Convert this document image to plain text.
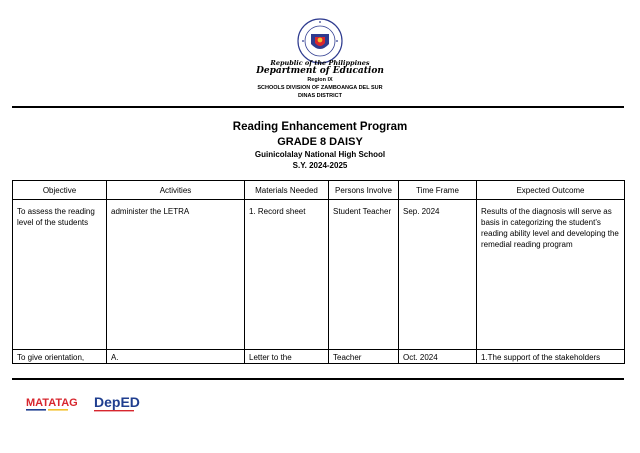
Republic of the Philippines
Department of Education
Region IX
SCHOOLS DIVISION OF ZAMBOANGA DEL SUR
DINAS DISTRICT
Reading Enhancement Program
GRADE 8 DAISY
Guinicolalay National High School
S.Y. 2024-2025
Objective	Activities	Materials Needed	Persons Involve	Time Frame	Expected Outcome
To assess the reading level of the students	administer the LETRA	1. Record sheet	Student Teacher	Sep. 2024	Results of the diagnosis will serve as basis in categorizing the student’s reading ability level and developing the remedial reading program
To give orientation,	A.	Letter to the	Teacher	Oct. 2024	1.The support of the stakeholders
MATATAG DepED
